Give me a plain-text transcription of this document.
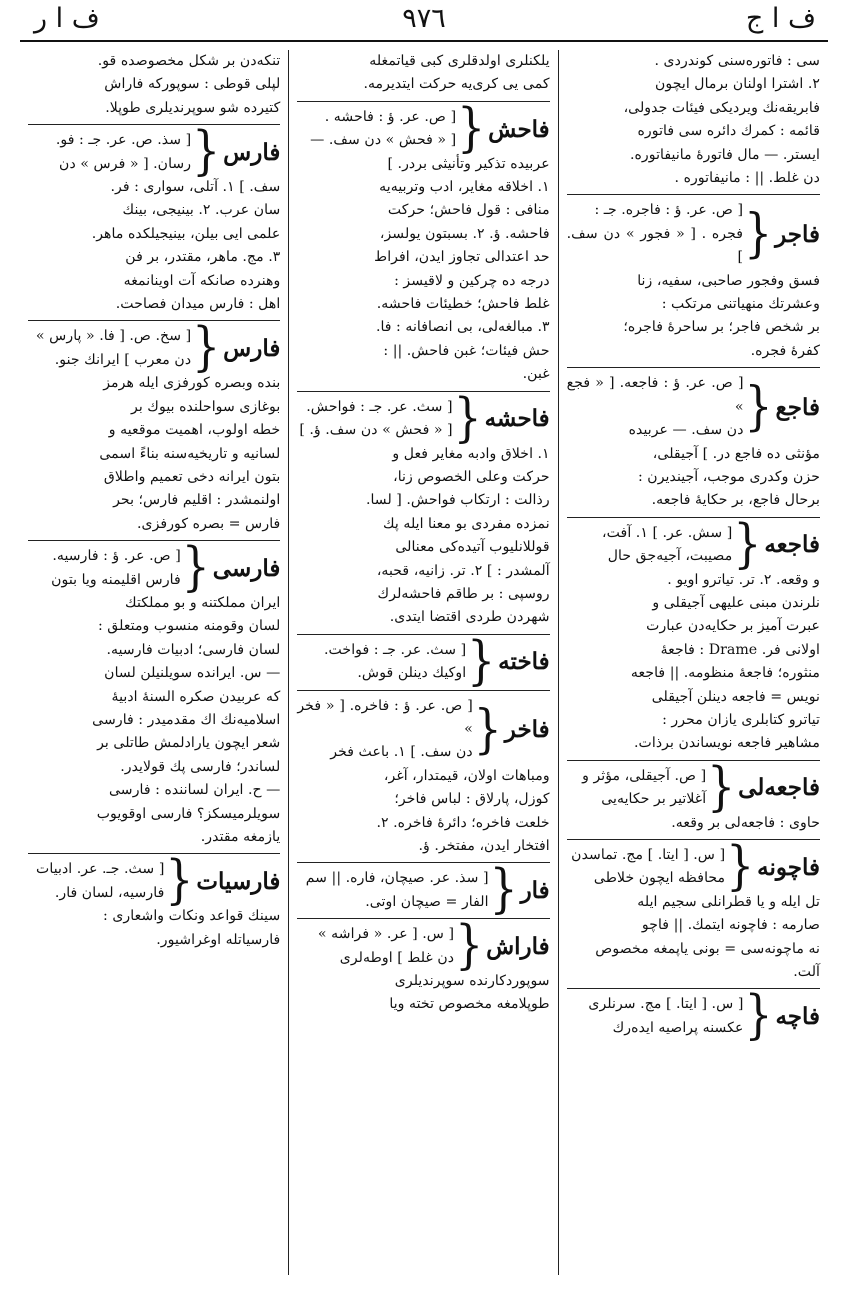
ف ا ج
٩٧٦
ف ا ر

سی : فاتوره‌سنی کوندردی .

٢. اشترا اولنان برمال ایچون

فابریقه‌نك ویردیکی فیئات جدولی،

قائمه : کمرك دائره سی فاتوره

ایستر. — مال فاتورهٔ مانیفاتوره.

دن غلط. || : مانیفاتوره .

فاجر
{

[ ص. عر. ؤ : فاجره. جـ :

فجره . [ « فجور » دن سف. ]

فسق وفجور صاحبی، سفیه، زنا

وعشرتك منهیاتنی مرتکب :

بر شخص فاجر؛ بر ساحرهٔ فاجره؛

کفرهٔ فجره.

فاجع
{

[ ص. عر. ؤ : فاجعه. [ « فجع »

دن سف. — عربیده

مؤنثی ده فاجع در. ] آجیقلی،

حزن وکدری موجب، آجیندیرن :

برحال فاجع، بر حکایهٔ فاجعه.

فاجعه
{

[ سش. عر. ] ١. آفت،

مصیبت، آجیه‌جق حال

و وقعه. ٢. تر. تیاترو اویو .

نلرندن مبنی علیهی آجیقلی و

عبرت آمیز بر حکایه‌دن عبارت

اولانی فر. Drame : فاجعهٔ

منثوره؛ فاجعهٔ منظومه. || فاجعه

نویس = فاجعه دینلن آجیقلی

تیاترو کتابلری یازان محرر :

مشاهیر فاجعه نویساندن برذات.

فاجعه‌لی
{

[ ص. آجیقلی، مؤثر و

آغلاتیر بر حکایه‌یی

حاوی : فاجعه‌لی بر وقعه.

فاچونه
{

[ س. [ ایتا. ] مج. تماسدن

محافظه ایچون خلاطی

تل ایله و یا قطرانلی سجیم ایله

صارمه : فاچونه ایتمك. || فاچو

نه ماچونه‌سی = بونی یاپمغه مخصوص

آلت.

فاچه
{

[ س. [ ایتا. ] مج. سرنلری

عکسنه پراصیه ایده‌رك

یلکنلری اولدقلری کبی قیاتمغله

کمی یی کری‌یه حرکت ایتدیرمه.

فاحش
{

[ ص. عر. ؤ : فاحشه .

[ « فحش » دن سف. —

عربیده تذکیر وتأنیثی بردر. ]

١. اخلاقه مغایر، ادب وتربیه‌یه

منافی : قول فاحش؛ حرکت

فاحشه. ؤ. ٢. بسبتون یولسز،

حد اعتدالی تجاوز ایدن، افراط

درجه ده چرکین و لاقیسز :

غلط فاحش؛ خطیئات فاحشه.

٣. مبالغه‌لی، بی انصافانه : فا.

حش فیئات؛ غبن فاحش. || :

غبن.

فاحشه
{

[ سث. عر. جـ : فواحش.

[ « فحش » دن سف. ؤ. ]

١. اخلاق وادبه مغایر فعل و

حرکت وعلی الخصوص زنا،

رذالت : ارتکاب فواحش. [ لسا.

نمزده مفردی بو معنا ایله پك

قوللانلیوب آتیده‌کی معنالی

آلمشدر : ] ٢. تر. زانیه، قحبه،

روسپی : بر طاقم فاحشه‌لرك

شهردن طردی اقتضا ایتدی.

فاخته
{

[ سث. عر. جـ : فواخت.

اوکیك دینلن قوش.

فاخر
{

[ ص. عر. ؤ : فاخره. [ « فخر »

دن سف. ] ١. باعث فخر

ومباهات اولان، قیمتدار، آغر،

کوزل، پارلاق : لباس فاخر؛

خلعت فاخره؛ دائرهٔ فاخره. ٢.

افتخار ایدن، مفتخر. ؤ.

فار
{

[ سذ. عر. صیچان، فاره. || سم

الفار = صیچان اوتی.

فاراش
{

[ س. [ عر. « فراشه »

دن غلط ] اوطه‌لری

سوپوردکارنده سوپرندیلری

طوپلامغه مخصوص تخته ویا

تنکه‌دن بر شکل مخصوصده قو.

لپلی قوطی : سوپورکه فاراش

کتیرده شو سوپرندیلری طوپلا.

فارس
{

[ سذ. ص. عر. جـ : فو.

رسان. [ « فرس » دن

سف. ] ١. آتلی، سواری : فر.

سان عرب. ٢. بینیجی، بینك

علمی ایی بیلن، بینیجیلکده ماهر.

٣. مج. ماهر، مقتدر، بر فن

وهنرده صانکه آت اوینانمغه

اهل : فارس میدان فصاحت.

فارس
{

[ سخ. ص. [ فا. « پارس »

دن معرب ] ایرانك جنو.

بنده وبصره کورفزی ایله هرمز

بوغازی سواحلنده بیوك بر

خطه اولوب، اهمیت موقعیه و

لسانیه و تاریخیه‌سنه بناءً اسمی

بتون ایرانه دخی تعمیم واطلاق

اولنمشدر : اقلیم فارس؛ بحر

فارس = بصره کورفزی.

فارسی
{

[ ص. عر. ؤ : فارسیه.

فارس اقلیمنه ویا بتون

ایران مملکتنه و بو مملکتك

لسان وقومنه منسوب ومتعلق :

لسان فارسی؛ ادبیات فارسیه.

— س. ایرانده سویلنیلن لسان

که عربیدن صکره السنهٔ ادبیهٔ

اسلامیه‌نك اك مقدمیدر : فارسی

شعر ایچون یارادلمش طاتلی بر

لساندر؛ فارسی پك قولایدر.

— ح. ایران لساننده : فارسی

سویلرمیسکز؟ فارسی اوقویوب

یازمغه مقتدر.

فارسیات
{

[ سث. جـ. عر. ادبیات

فارسیه، لسان فار.

سینك قواعد ونکات واشعاری :

فارسیاتله اوغراشیور.
